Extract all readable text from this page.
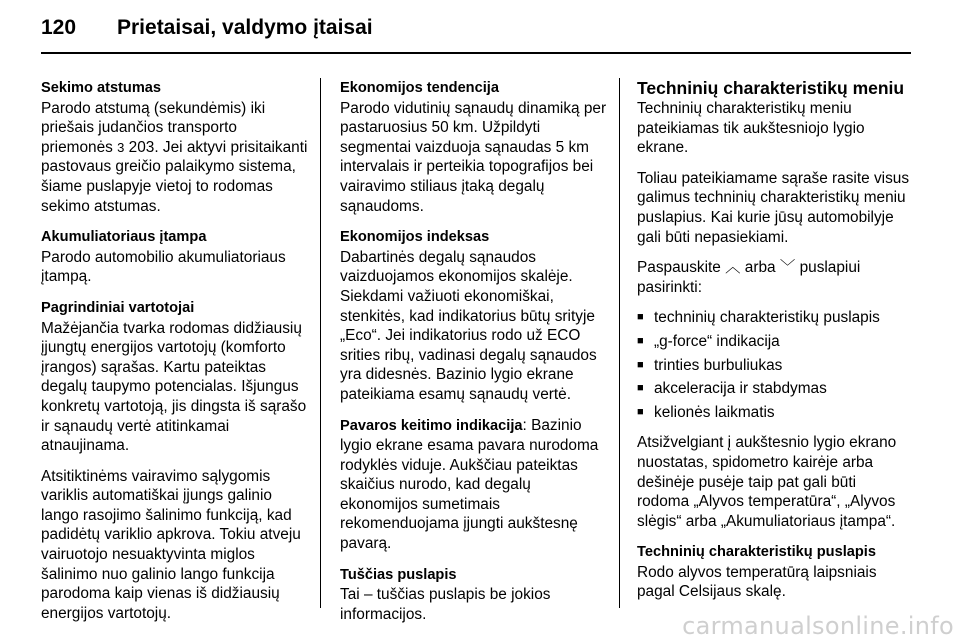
120	Prietaisai, valdymo įtaisai

Sekimo atstumas
Parodo atstumą (sekundėmis) iki priešais judančios transporto priemonės 3 203. Jei aktyvi prisitaikanti pastovaus greičio palaikymo sistema, šiame puslapyje vietoj to rodomas sekimo atstumas.

Akumuliatoriaus įtampa
Parodo automobilio akumuliatoriaus įtampą.

Pagrindiniai vartotojai
Mažėjančia tvarka rodomas didžiausių įjungtų energijos vartotojų (komforto įrangos) sąrašas. Kartu pateiktas degalų taupymo potencialas. Išjungus konkretų vartotoją, jis dingsta iš sąrašo ir sąnaudų vertė atitinkamai atnaujinama.

Atsitiktinėms vairavimo sąlygomis variklis automatiškai įjungs galinio lango rasojimo šalinimo funkciją, kad padidėtų variklio apkrova. Tokiu atveju vairuotojo nesuaktyvinta miglos šalinimo nuo galinio lango funkcija parodoma kaip vienas iš didžiausių energijos vartotojų.

Ekonomijos tendencija
Parodo vidutinių sąnaudų dinamiką per pastaruosius 50 km. Užpildyti segmentai vaizduoja sąnaudas 5 km intervalais ir perteikia topografijos bei vairavimo stiliaus įtaką degalų sąnaudoms.

Ekonomijos indeksas
Dabartinės degalų sąnaudos vaizduojamos ekonomijos skalėje. Siekdami važiuoti ekonomiškai, stenkitės, kad indikatorius būtų srityje „Eco“. Jei indikatorius rodo už ECO srities ribų, vadinasi degalų sąnaudos yra didesnės. Bazinio lygio ekrane pateikiama esamų sąnaudų vertė.

Pavaros keitimo indikacija: Bazinio lygio ekrane esama pavara nurodoma rodyklės viduje. Aukščiau pateiktas skaičius nurodo, kad degalų ekonomijos sumetimais rekomenduojama įjungti aukštesnę pavarą.

Tuščias puslapis
Tai – tuščias puslapis be jokios informacijos.

Techninių charakteristikų meniu

Techninių charakteristikų meniu pateikiamas tik aukštesniojo lygio ekrane.

Toliau pateikiamame sąraše rasite visus galimus techninių charakteristikų meniu puslapius. Kai kurie jūsų automobilyje gali būti nepasiekiami.

Paspauskite ︿ arba ﹀ puslapiui pasirinkti:

■ techninių charakteristikų puslapis
■ „g-force“ indikacija
■ trinties burbuliukas
■ akceleracija ir stabdymas
■ kelionės laikmatis

Atsižvelgiant į aukštesnio lygio ekrano nuostatas, spidometro kairėje arba dešinėje pusėje taip pat gali būti rodoma „Alyvos temperatūra“, „Alyvos slėgis“ arba „Akumuliatoriaus įtampa“.

Techninių charakteristikų puslapis
Rodo alyvos temperatūrą laipsniais pagal Celsijaus skalę.

carmanualsonline.info
